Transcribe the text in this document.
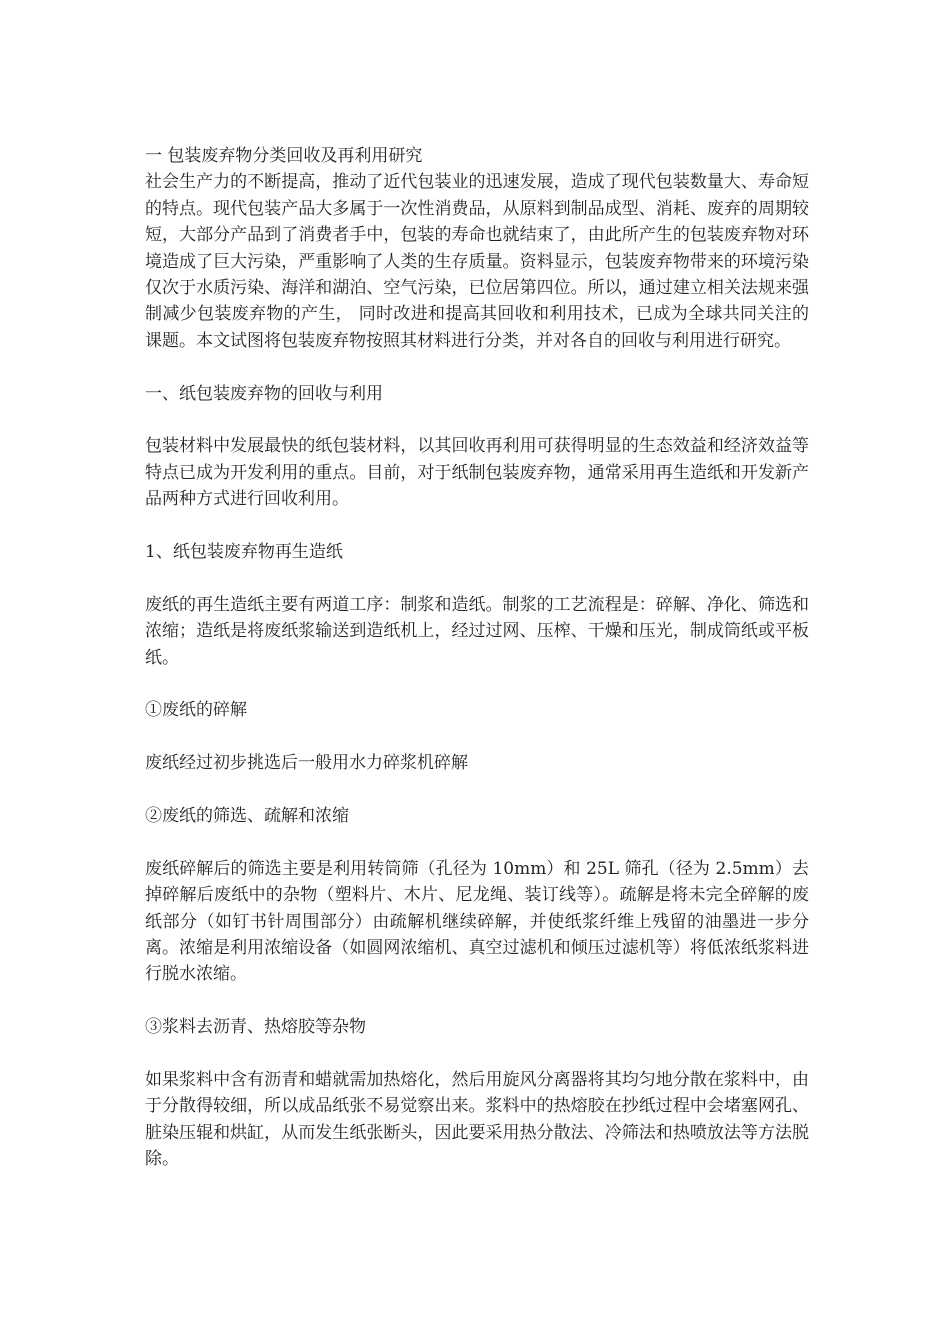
一 包装废弃物分类回收及再利用研究

社会生产力的不断提高，推动了近代包装业的迅速发展，造成了现代包装数量大、寿命短的特点。现代包装产品大多属于一次性消费品，从原料到制品成型、消耗、废弃的周期较短，大部分产品到了消费者手中，包装的寿命也就结束了，由此所产生的包装废弃物对环境造成了巨大污染，严重影响了人类的生存质量。资料显示，包装废弃物带来的环境污染仅次于水质污染、海洋和湖泊、空气污染，已位居第四位。所以，通过建立相关法规来强制减少包装废弃物的产生， 同时改进和提高其回收和利用技术，已成为全球共同关注的课题。本文试图将包装废弃物按照其材料进行分类，并对各自的回收与利用进行研究。

一、纸包装废弃物的回收与利用

包装材料中发展最快的纸包装材料，以其回收再利用可获得明显的生态效益和经济效益等特点已成为开发利用的重点。目前，对于纸制包装废弃物，通常采用再生造纸和开发新产品两种方式进行回收利用。

1、纸包装废弃物再生造纸

废纸的再生造纸主要有两道工序：制浆和造纸。制浆的工艺流程是：碎解、净化、筛选和浓缩；造纸是将废纸浆输送到造纸机上，经过过网、压榨、干燥和压光，制成筒纸或平板纸。

①废纸的碎解

废纸经过初步挑选后一般用水力碎浆机碎解

②废纸的筛选、疏解和浓缩

废纸碎解后的筛选主要是利用转筒筛（孔径为 10mm）和 25L 筛孔（径为 2.5mm）去掉碎解后废纸中的杂物（塑料片、木片、尼龙绳、装订线等）。疏解是将未完全碎解的废纸部分（如钉书针周围部分）由疏解机继续碎解，并使纸浆纤维上残留的油墨进一步分离。浓缩是利用浓缩设备（如圆网浓缩机、真空过滤机和倾压过滤机等）将低浓纸浆料进行脱水浓缩。

③浆料去沥青、热熔胶等杂物

如果浆料中含有沥青和蜡就需加热熔化，然后用旋风分离器将其均匀地分散在浆料中，由于分散得较细，所以成品纸张不易觉察出来。浆料中的热熔胶在抄纸过程中会堵塞网孔、脏染压辊和烘缸，从而发生纸张断头，因此要采用热分散法、冷筛法和热喷放法等方法脱除。
